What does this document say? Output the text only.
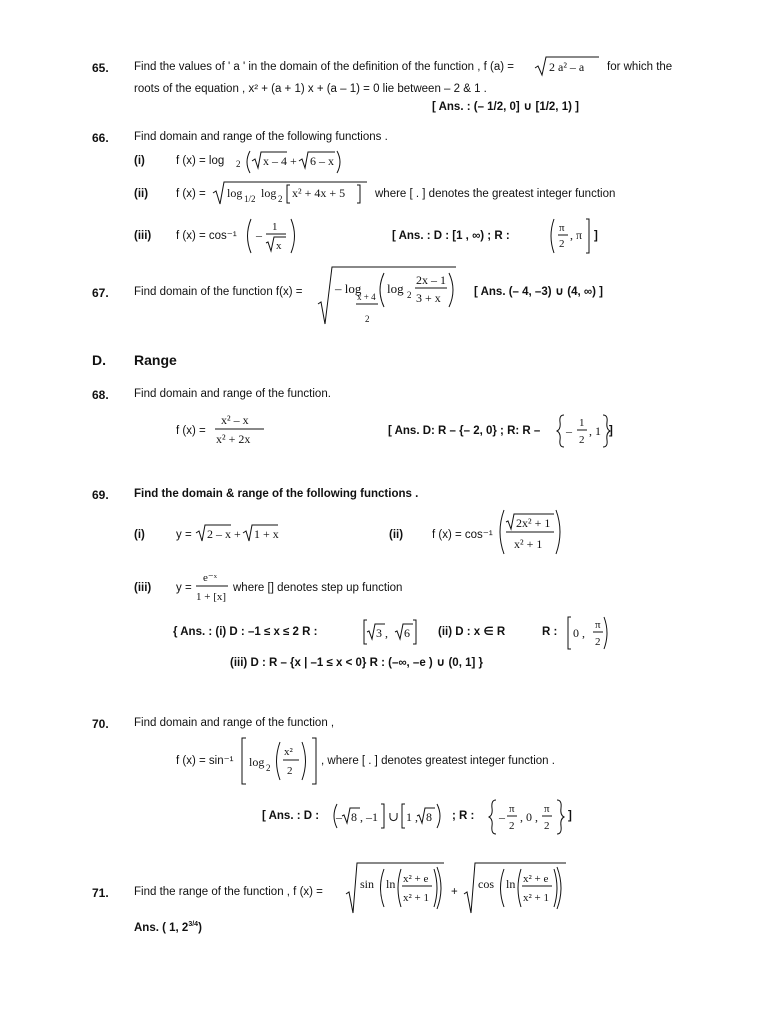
65. Find the values of ' a ' in the domain of the definition of the function , f (a) =	2 a² – a for which the
roots of the equation , x² + (a + 1) x + (a – 1) = 0 lie between – 2 & 1 .
[ Ans. : (– 1/2, 0] ∪ [1/2, 1) ]
66. Find domain and range of the following functions .
(i)	f (x) = log 2 x – 4 + 6 – x
(ii) f (x) = log 1/2 log 2 x² + 4x + 5	where [ . ] denotes the greatest integer function
(iii) f (x) = cos⁻¹ –
1
x
[ Ans. : D : [1 , ∞) ; R :
π
2
, π ]
67. Find domain of the function f(x) =	– log
x + 4
2
log 2
2x – 1
3 + x	[ Ans. (– 4, –3) ∪ (4, ∞) ]
D. Range
68. Find domain and range of the function.
f (x) =
x² – x
x² + 2x
[ Ans. D: R – {– 2, 0} ; R: R – –
1
2
, 1 ]
69. Find the domain & range of the following functions .
(i)	y = 2 – x + 1 + x	(ii)	f (x) = cos⁻¹
2x² + 1
x² + 1
(iii) y =
e⁻ˣ
1 + [x]
where [] denotes step up function
{ Ans. : (i) D : –1 ≤ x ≤ 2 R :	3 , 6 (ii) D : x ∈ R	R : 0 ,
π
2
(iii) D : R – {x | –1 ≤ x < 0} R : (–∞, –e ) ∪ (0, 1] }
70. Find domain and range of the function ,
f (x) = sin⁻¹ log 2
x²
2
, where [ . ] denotes greatest integer function .
[ Ans. : D : – 8 , –1 ∪ 1 , 8 ; R : –
π
2
, 0 ,
π
2
]
71. Find the range of the function , f (x) =
sin ln x² + e
x² + 1 +
cos ln x² + e
x² + 1
Ans. ( 1, $2^{3/4}$)
